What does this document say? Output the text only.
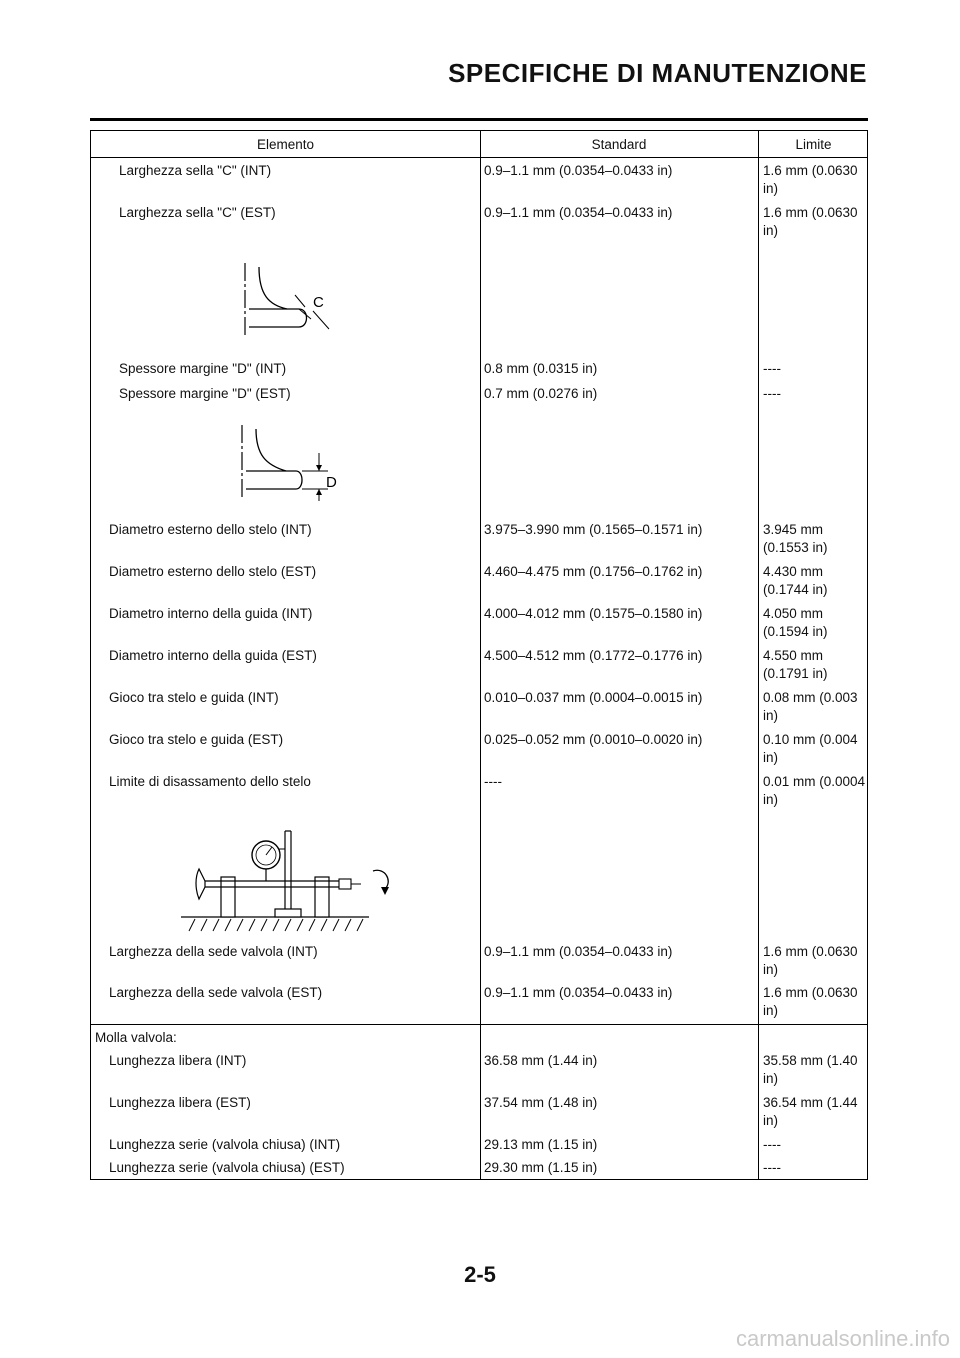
SPECIFICHE DI MANUTENZIONE
Elemento	Standard	Limite
Larghezza sella "C" (INT)	0.9–1.1 mm (0.0354–0.0433 in)	1.6 mm (0.0630 in)
Larghezza sella "C" (EST)	0.9–1.1 mm (0.0354–0.0433 in)	1.6 mm (0.0630 in)
C
Spessore margine "D" (INT)	0.8 mm (0.0315 in)	----
Spessore margine "D" (EST)	0.7 mm (0.0276 in)	----
D
Diametro esterno dello stelo (INT)	3.975–3.990 mm (0.1565–0.1571 in)	3.945 mm (0.1553 in)
Diametro esterno dello stelo (EST)	4.460–4.475 mm (0.1756–0.1762 in)	4.430 mm (0.1744 in)
Diametro interno della guida (INT)	4.000–4.012 mm (0.1575–0.1580 in)	4.050 mm (0.1594 in)
Diametro interno della guida (EST)	4.500–4.512 mm (0.1772–0.1776 in)	4.550 mm (0.1791 in)
Gioco tra stelo e guida (INT)	0.010–0.037 mm (0.0004–0.0015 in)	0.08 mm (0.003 in)
Gioco tra stelo e guida (EST)	0.025–0.052 mm (0.0010–0.0020 in)	0.10 mm (0.004 in)
Limite di disassamento dello stelo	----	0.01 mm (0.0004 in)
Larghezza della sede valvola (INT)	0.9–1.1 mm (0.0354–0.0433 in)	1.6 mm (0.0630 in)
Larghezza della sede valvola (EST)	0.9–1.1 mm (0.0354–0.0433 in)	1.6 mm (0.0630 in)
Molla valvola:
Lunghezza libera (INT)	36.58 mm (1.44 in)	35.58 mm (1.40 in)
Lunghezza libera (EST)	37.54 mm (1.48 in)	36.54 mm (1.44 in)
Lunghezza serie (valvola chiusa) (INT)	29.13 mm (1.15 in)	----
Lunghezza serie (valvola chiusa) (EST)	29.30 mm (1.15 in)	----
2-5
carmanualsonline.info
